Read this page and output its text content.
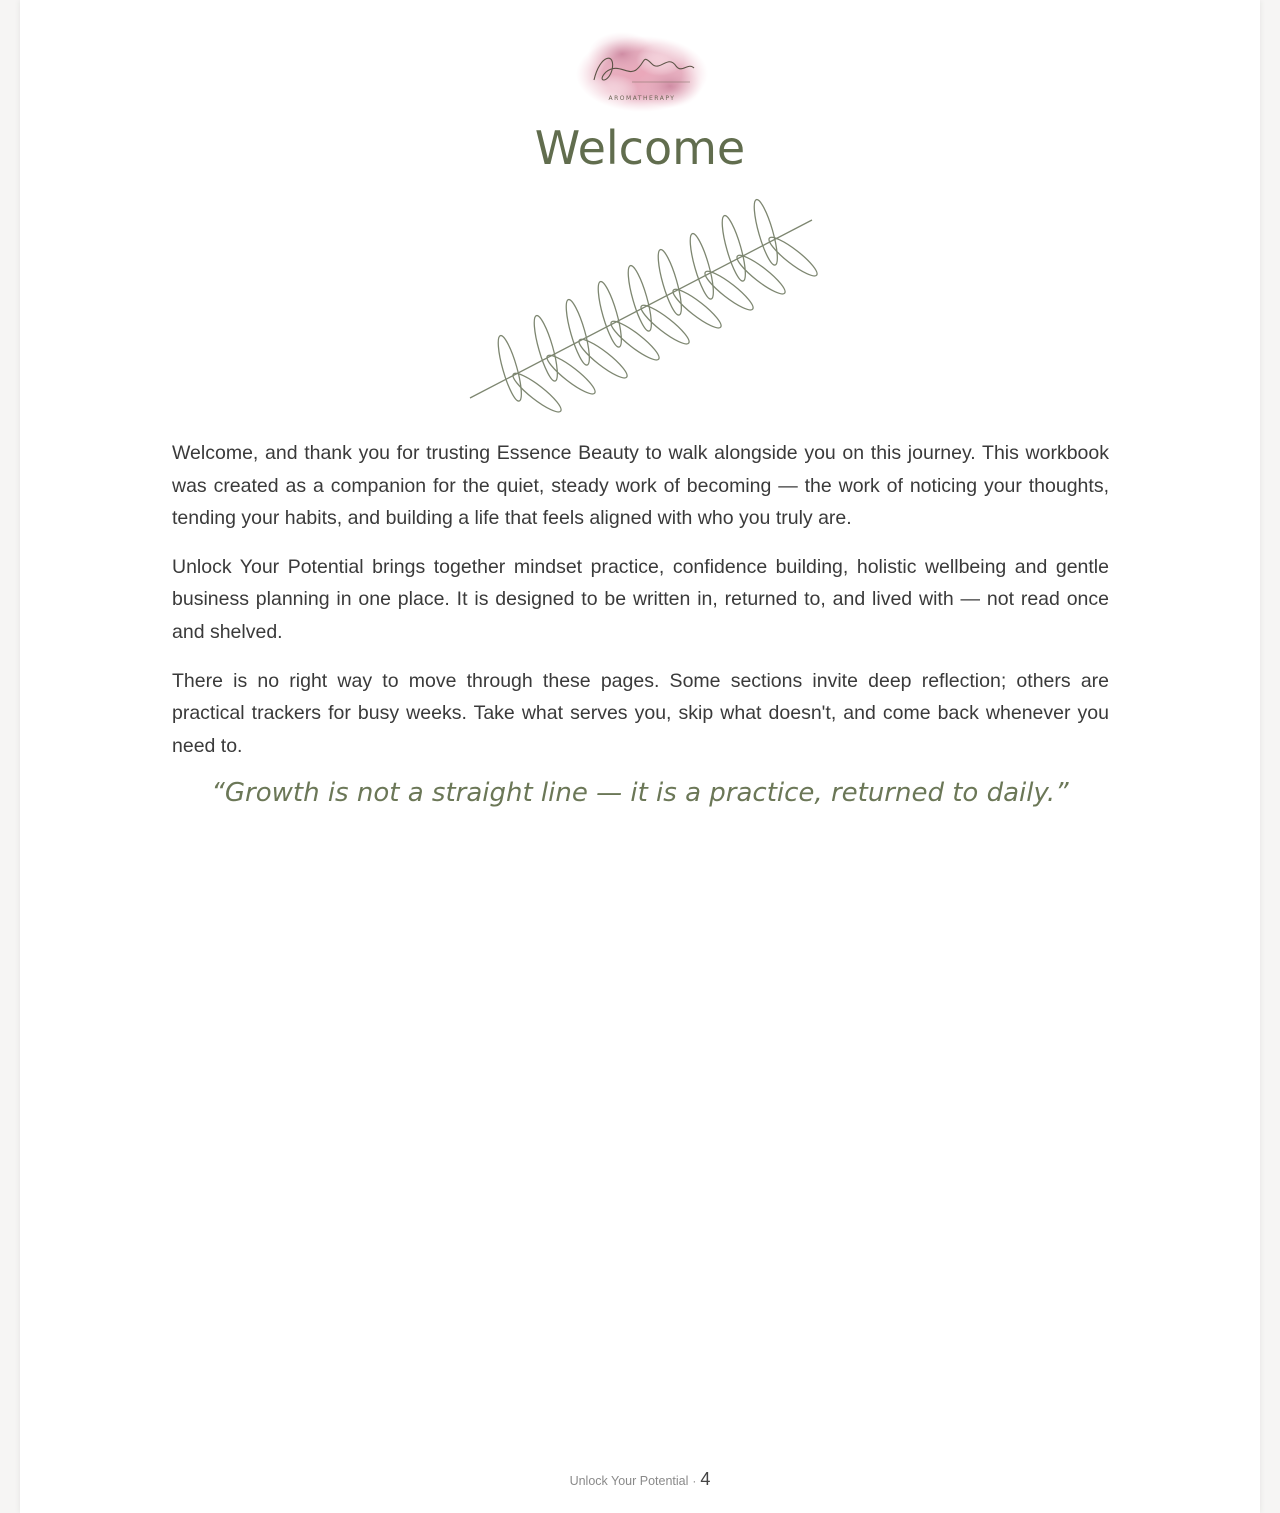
AROMATHERAPY
Welcome

Welcome, and thank you for trusting Essence Beauty to walk alongside you on this journey. This workbook was created as a companion for the quiet, steady work of becoming — the work of noticing your thoughts, tending your habits, and building a life that feels aligned with who you truly are.

Unlock Your Potential brings together mindset practice, confidence building, holistic wellbeing and gentle business planning in one place. It is designed to be written in, returned to, and lived with — not read once and shelved.

There is no right way to move through these pages. Some sections invite deep reflection; others are practical trackers for busy weeks. Take what serves you, skip what doesn't, and come back whenever you need to.

“Growth is not a straight line — it is a practice, returned to daily.”
Unlock Your Potential · 4
